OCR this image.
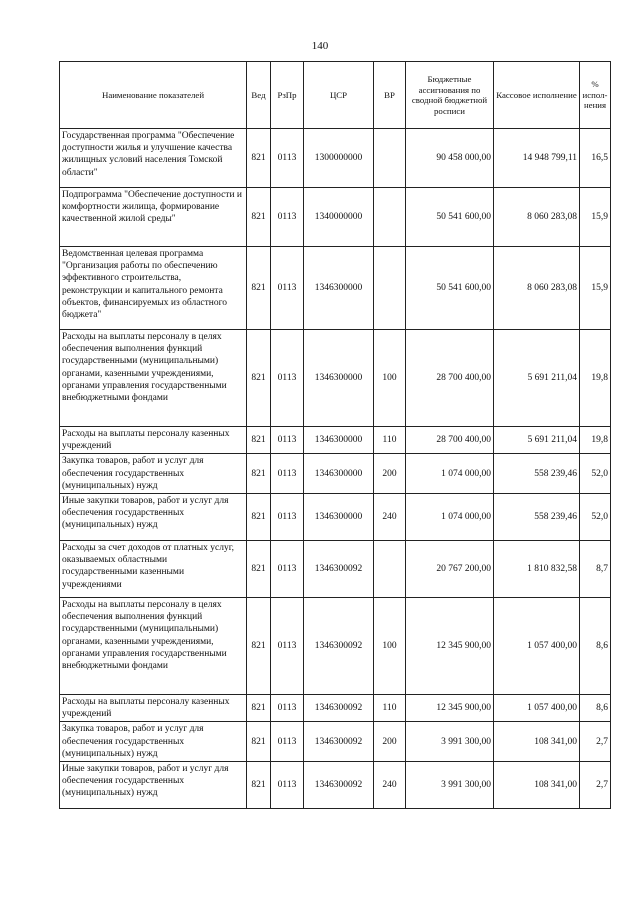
140
Наименование показателей	Вед	РзПр	ЦСР	ВР	Бюджетные ассигнования по сводной бюджетной росписи	Кассовое исполнение	% испол-нения
Государственная программа "Обеспечение доступности жилья и улучшение качества жилищных условий населения Томской области"	821	0113	1300000000		90 458 000,00	14 948 799,11	16,5
Подпрограмма "Обеспечение доступности и комфортности жилища, формирование качественной жилой среды"	821	0113	1340000000		50 541 600,00	8 060 283,08	15,9
Ведомственная целевая программа "Организация работы по обеспечению эффективного строительства, реконструкции и капитального ремонта объектов, финансируемых из областного бюджета"	821	0113	1346300000		50 541 600,00	8 060 283,08	15,9
Расходы на выплаты персоналу в целях обеспечения выполнения функций государственными (муниципальными) органами, казенными учреждениями, органами управления государственными внебюджетными фондами	821	0113	1346300000	100	28 700 400,00	5 691 211,04	19,8
Расходы на выплаты персоналу казенных учреждений	821	0113	1346300000	110	28 700 400,00	5 691 211,04	19,8
Закупка товаров, работ и услуг для обеспечения государственных (муниципальных) нужд	821	0113	1346300000	200	1 074 000,00	558 239,46	52,0
Иные закупки товаров, работ и услуг для обеспечения государственных (муниципальных) нужд	821	0113	1346300000	240	1 074 000,00	558 239,46	52,0
Расходы за счет доходов от платных услуг, оказываемых областными государственными казенными учреждениями	821	0113	1346300092		20 767 200,00	1 810 832,58	8,7
Расходы на выплаты персоналу в целях обеспечения выполнения функций государственными (муниципальными) органами, казенными учреждениями, органами управления государственными внебюджетными фондами	821	0113	1346300092	100	12 345 900,00	1 057 400,00	8,6
Расходы на выплаты персоналу казенных учреждений	821	0113	1346300092	110	12 345 900,00	1 057 400,00	8,6
Закупка товаров, работ и услуг для обеспечения государственных (муниципальных) нужд	821	0113	1346300092	200	3 991 300,00	108 341,00	2,7
Иные закупки товаров, работ и услуг для обеспечения государственных (муниципальных) нужд	821	0113	1346300092	240	3 991 300,00	108 341,00	2,7
